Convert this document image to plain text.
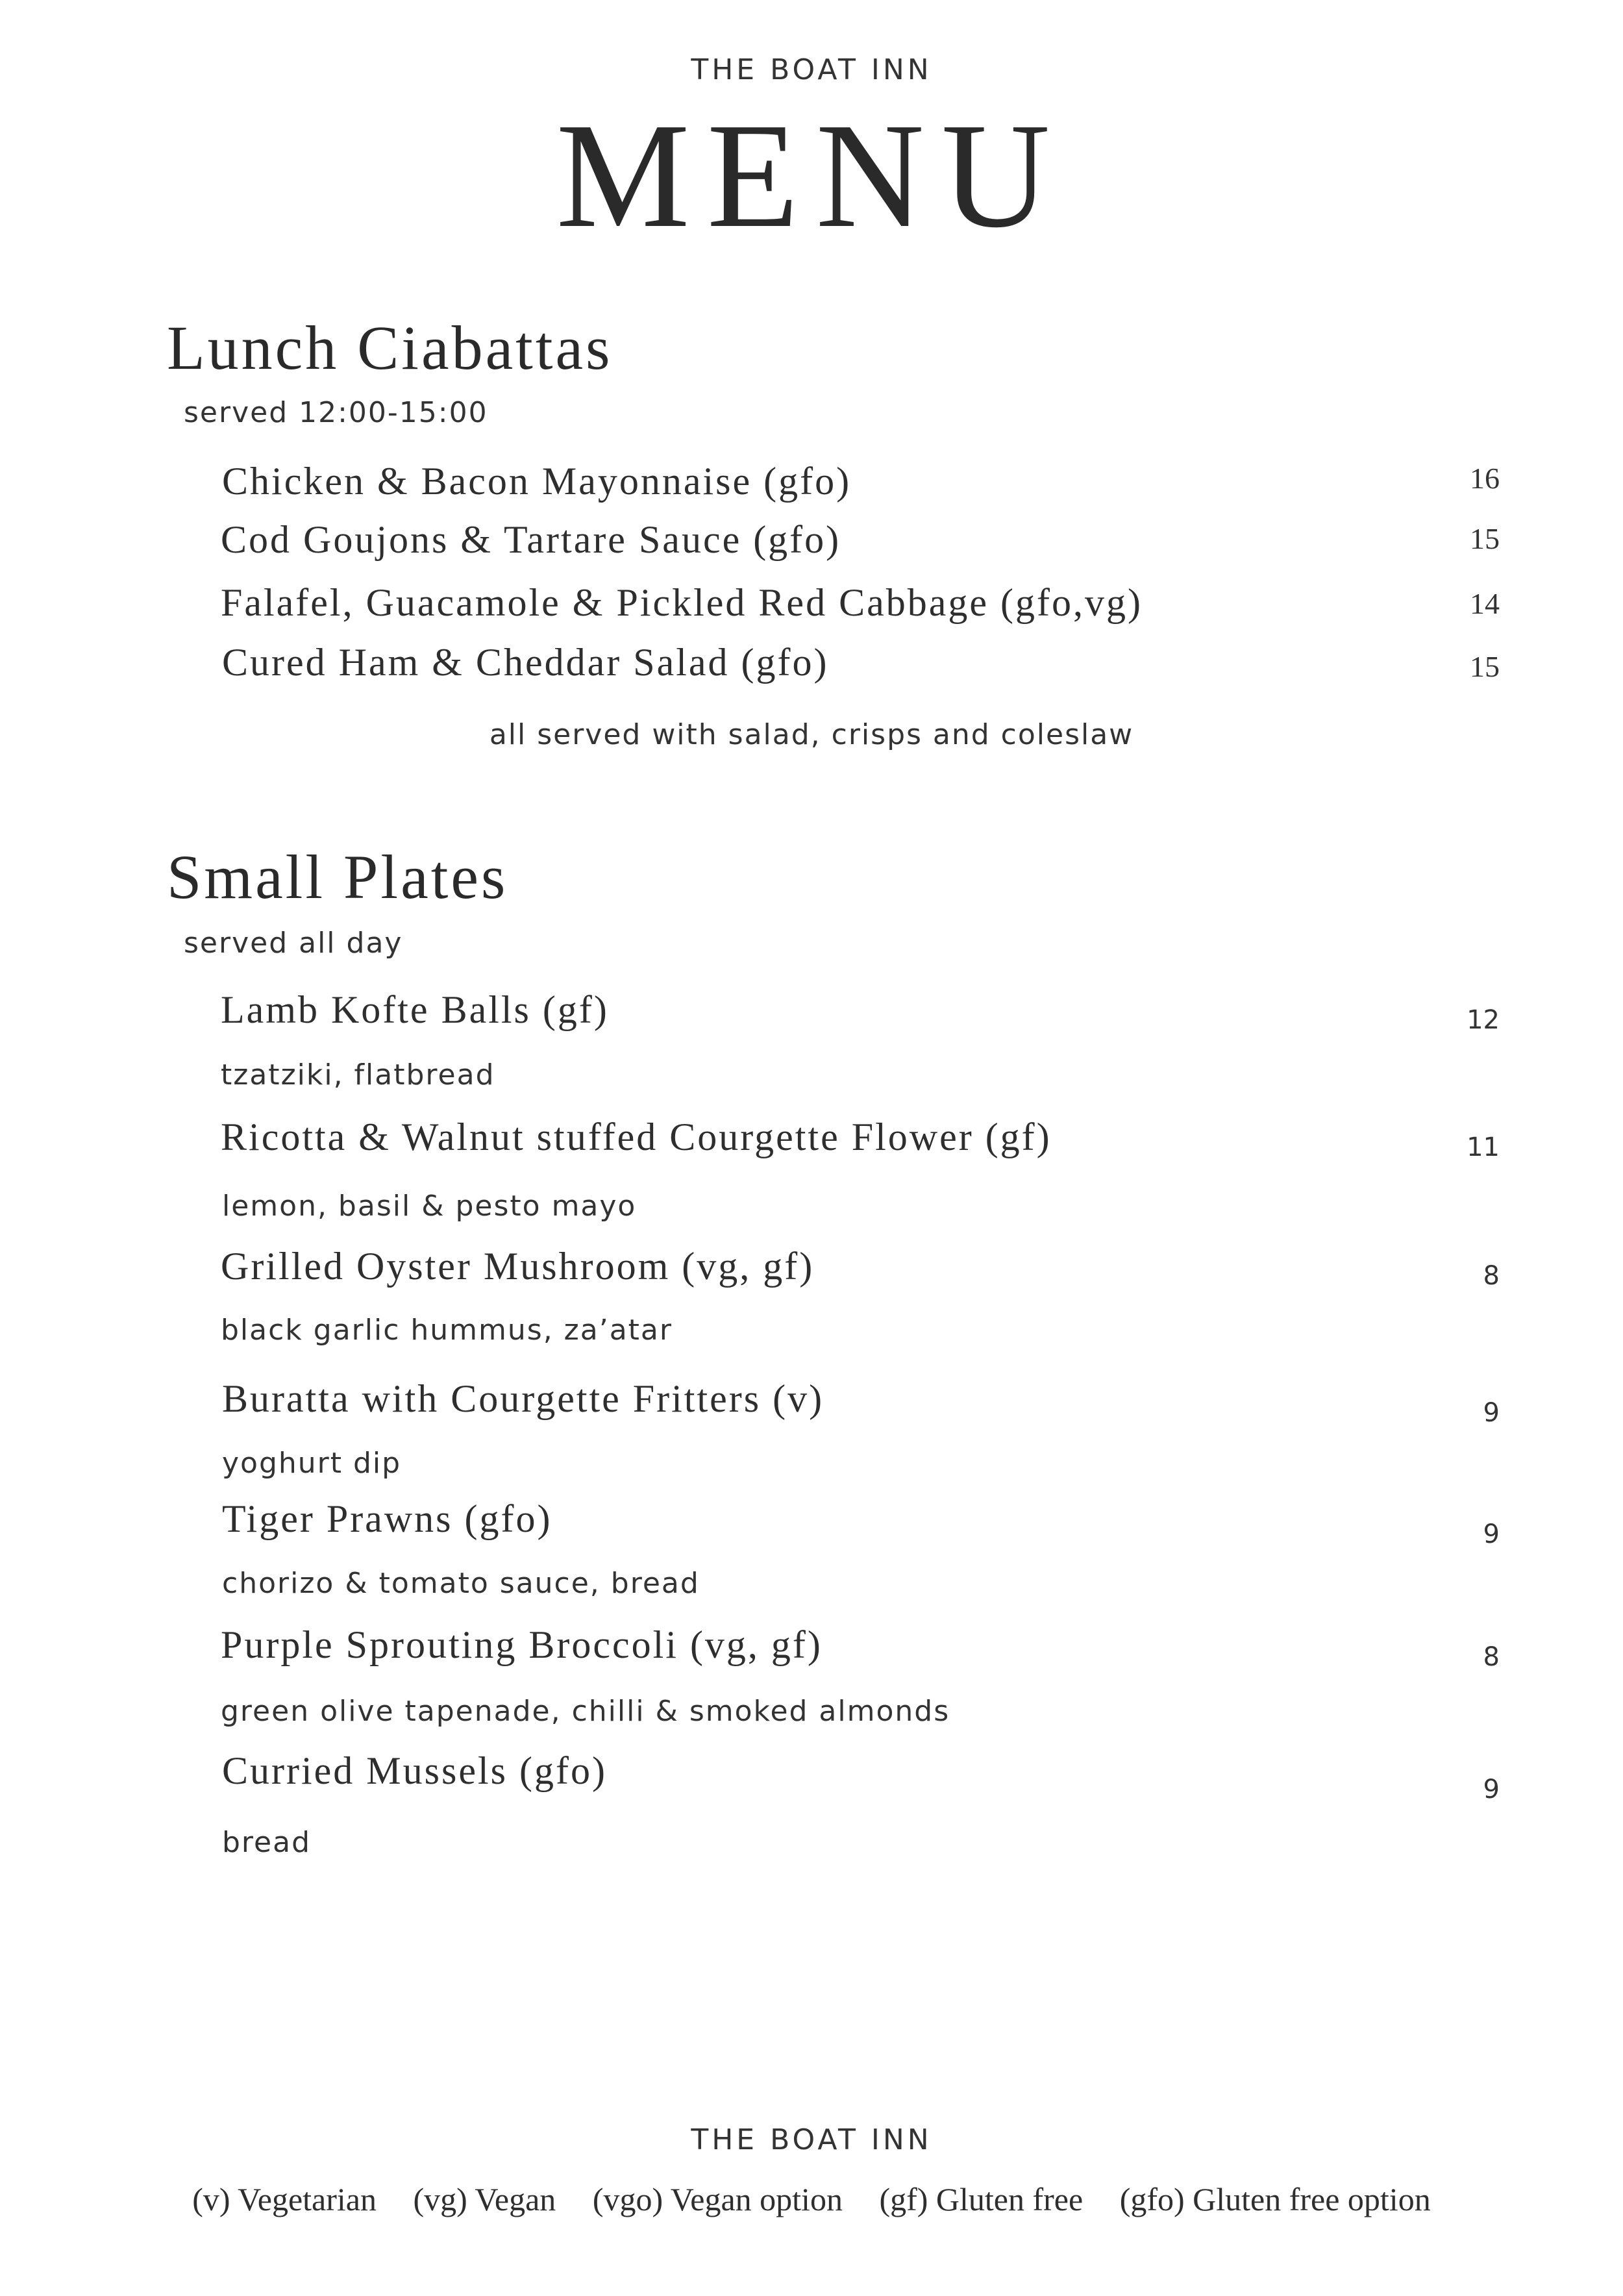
THE BOAT INN
MENU
Lunch Ciabattas
served 12:00-15:00
Chicken & Bacon Mayonnaise (gfo)	16
Cod Goujons & Tartare Sauce (gfo)	15
Falafel, Guacamole & Pickled Red Cabbage (gfo,vg)	14
Cured Ham & Cheddar Salad (gfo)	15
all served with salad, crisps and coleslaw
Small Plates
served all day
Lamb Kofte Balls (gf)	12
tzatziki, flatbread
Ricotta & Walnut stuffed Courgette Flower (gf)	11
lemon, basil & pesto mayo
Grilled Oyster Mushroom (vg, gf)	8
black garlic hummus, za’atar
Buratta with Courgette Fritters (v)	9
yoghurt dip
Tiger Prawns (gfo)	9
chorizo & tomato sauce, bread
Purple Sprouting Broccoli (vg, gf)	8
green olive tapenade, chilli & smoked almonds
Curried Mussels (gfo)	9
bread
THE BOAT INN
(v) Vegetarian (vg) Vegan (vgo) Vegan option (gf) Gluten free (gfo) Gluten free option
